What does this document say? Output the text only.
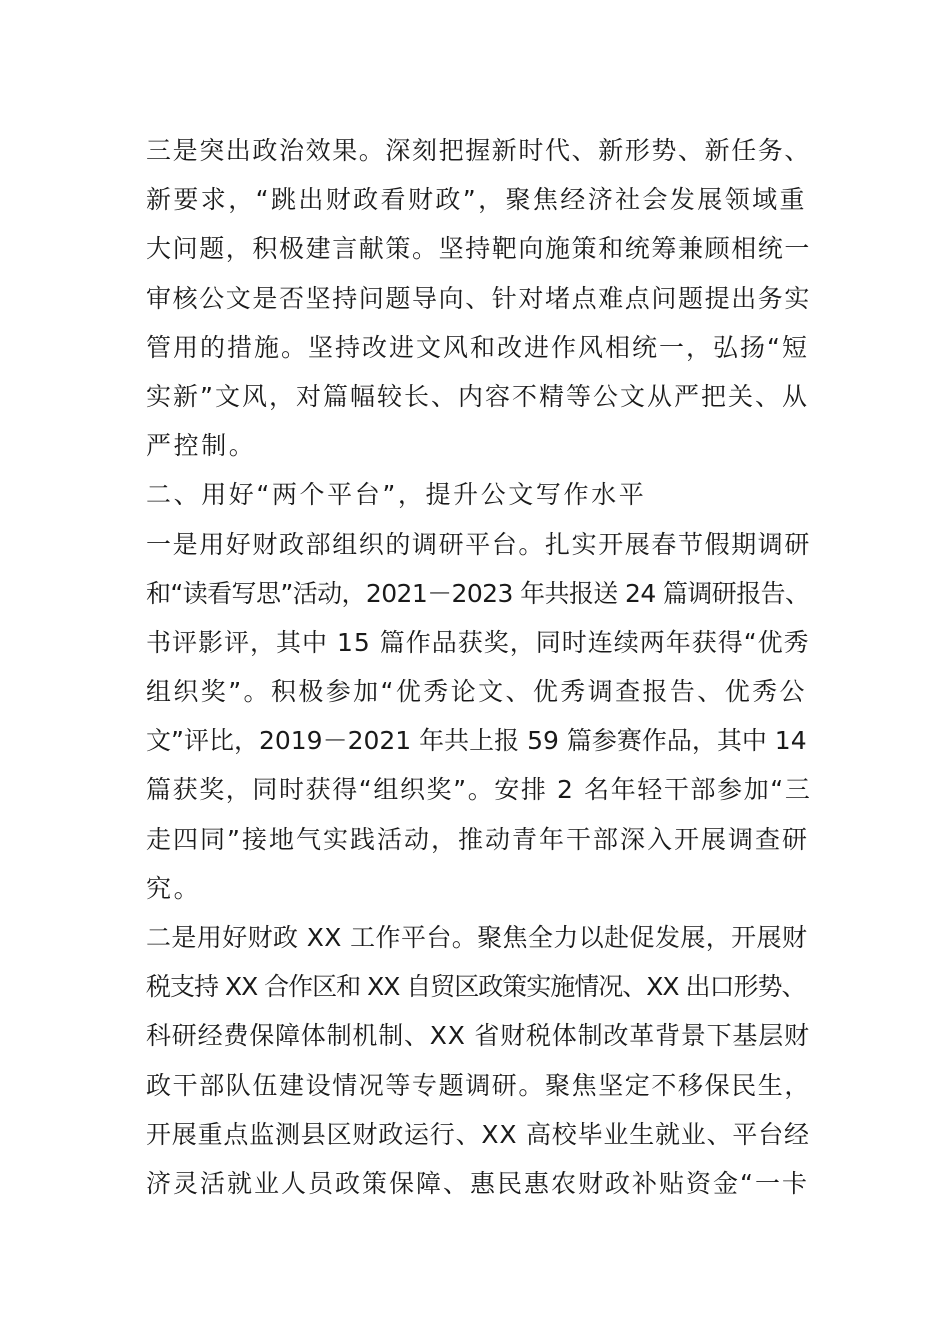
三是突出政治效果。深刻把握新时代、新形势、新任务、
新要求，“跳出财政看财政”，聚焦经济社会发展领域重
大问题，积极建言献策。坚持靶向施策和统筹兼顾相统一
审核公文是否坚持问题导向、针对堵点难点问题提出务实
管用的措施。坚持改进文风和改进作风相统一，弘扬“短
实新”文风，对篇幅较长、内容不精等公文从严把关、从
严控制。
二、用好“两个平台”，提升公文写作水平
一是用好财政部组织的调研平台。扎实开展春节假期调研
和“读看写思”活动，2021－2023 年共报送 24 篇调研报告、
书评影评，其中 15 篇作品获奖，同时连续两年获得“优秀
组织奖”。积极参加“优秀论文、优秀调查报告、优秀公
文”评比，2019－2021 年共上报 59 篇参赛作品，其中 14
篇获奖，同时获得“组织奖”。安排 2 名年轻干部参加“三
走四同”接地气实践活动，推动青年干部深入开展调查研
究。
二是用好财政 XX 工作平台。聚焦全力以赴促发展，开展财
税支持 XX 合作区和 XX 自贸区政策实施情况、XX 出口形势、
科研经费保障体制机制、XX 省财税体制改革背景下基层财
政干部队伍建设情况等专题调研。聚焦坚定不移保民生，
开展重点监测县区财政运行、XX 高校毕业生就业、平台经
济灵活就业人员政策保障、惠民惠农财政补贴资金“一卡
